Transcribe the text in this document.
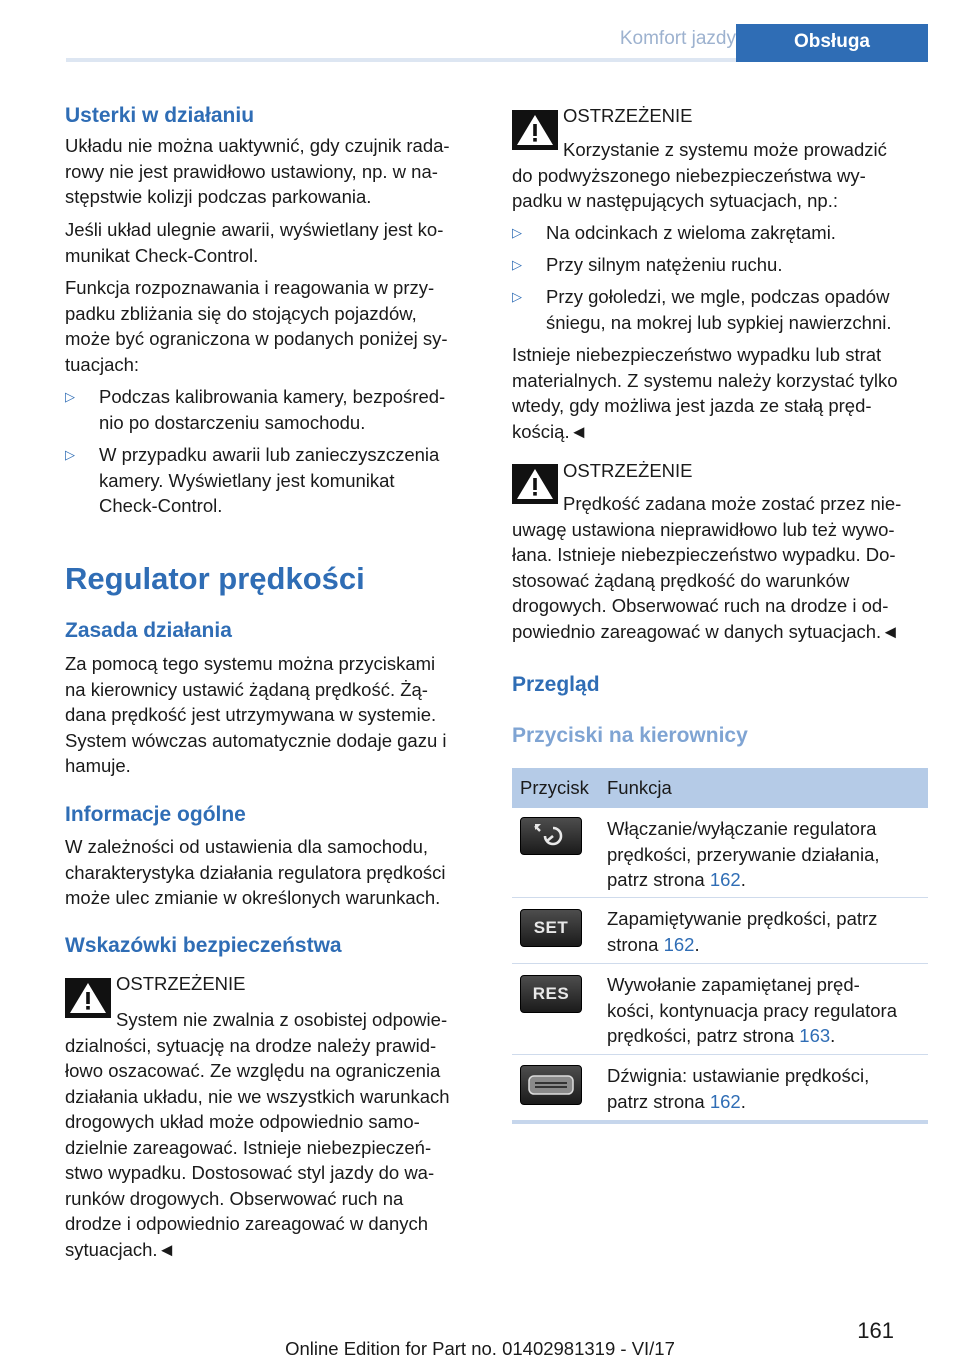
Komfort jazdy	Obsługa
Usterki w działaniu
Układu nie można uaktywnić, gdy czujnik rada-
rowy nie jest prawidłowo ustawiony, np. w na-
stępstwie kolizji podczas parkowania.
Jeśli układ ulegnie awarii, wyświetlany jest ko-
munikat Check-Control.
Funkcja rozpoznawania i reagowania w przy-
padku zbliżania się do stojących pojazdów,
może być ograniczona w podanych poniżej sy-
tuacjach:
▷ Podczas kalibrowania kamery, bezpośred-
nio po dostarczeniu samochodu.
▷ W przypadku awarii lub zanieczyszczenia
kamery. Wyświetlany jest komunikat
Check-Control.
Regulator prędkości
Zasada działania
Za pomocą tego systemu można przyciskami
na kierownicy ustawić żądaną prędkość. Żą-
dana prędkość jest utrzymywana w systemie.
System wówczas automatycznie dodaje gazu i
hamuje.
Informacje ogólne
W zależności od ustawienia dla samochodu,
charakterystyka działania regulatora prędkości
może ulec zmianie w określonych warunkach.
Wskazówki bezpieczeństwa
OSTRZEŻENIE
System nie zwalnia z osobistej odpowie-
dzialności, sytuację na drodze należy prawid-
łowo oszacować. Ze względu na ograniczenia
działania układu, nie we wszystkich warunkach
drogowych układ może odpowiednio samo-
dzielnie zareagować. Istnieje niebezpieczeń-
stwo wypadku. Dostosować styl jazdy do wa-
runków drogowych. Obserwować ruch na
drodze i odpowiednio zareagować w danych
sytuacjach.◄
OSTRZEŻENIE
Korzystanie z systemu może prowadzić
do podwyższonego niebezpieczeństwa wy-
padku w następujących sytuacjach, np.:
▷ Na odcinkach z wieloma zakrętami.
▷ Przy silnym natężeniu ruchu.
▷ Przy gołoledzi, we mgle, podczas opadów
śniegu, na mokrej lub sypkiej nawierzchni.
Istnieje niebezpieczeństwo wypadku lub strat
materialnych. Z systemu należy korzystać tylko
wtedy, gdy możliwa jest jazda ze stałą pręd-
kością.◄
OSTRZEŻENIE
Prędkość zadana może zostać przez nie-
uwagę ustawiona nieprawidłowo lub też wywo-
łana. Istnieje niebezpieczeństwo wypadku. Do-
stosować żądaną prędkość do warunków
drogowych. Obserwować ruch na drodze i od-
powiednio zareagować w danych sytuacjach.◄
Przegląd
Przyciski na kierownicy
Przycisk Funkcja
Włączanie/wyłączanie regulatora
prędkości, przerywanie działania,
patrz strona 162.
SET	Zapamiętywanie prędkości, patrz
strona 162.
RES	Wywołanie zapamiętanej pręd-
kości, kontynuacja pracy regulatora
prędkości, patrz strona 163.
Dźwignia: ustawianie prędkości,
patrz strona 162.
161
Online Edition for Part no. 01402981319 - VI/17
